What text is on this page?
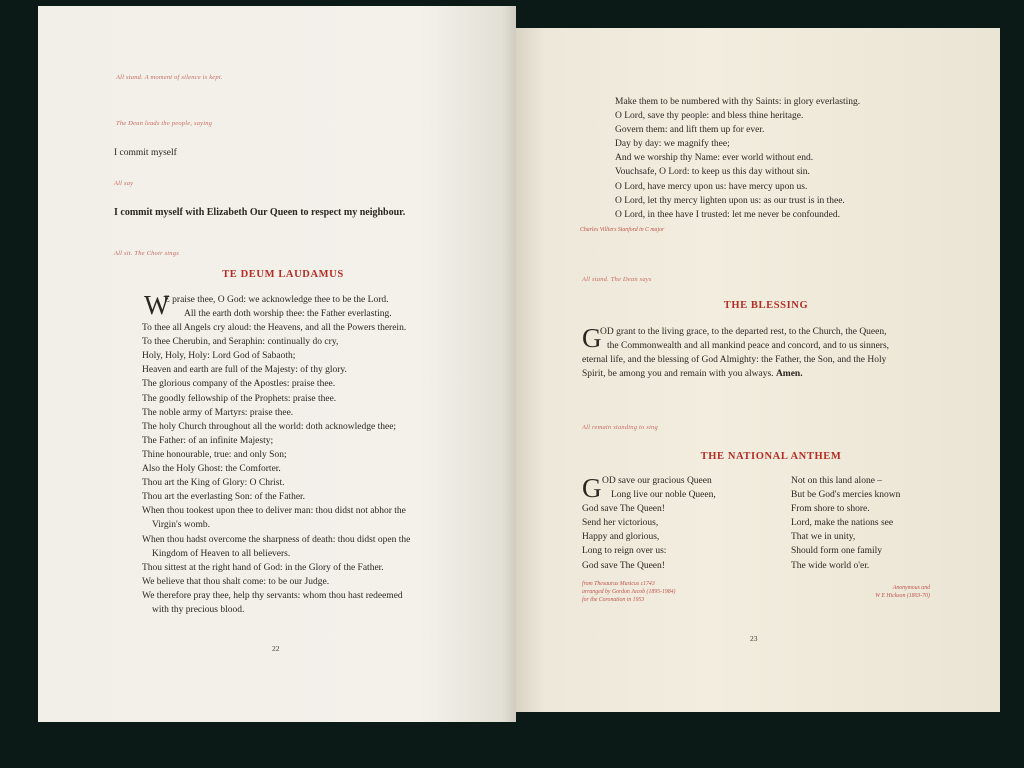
All stand. A moment of silence is kept.

The Dean leads the people, saying

I commit myself

All say

I commit myself with Elizabeth Our Queen to respect my neighbour.

All sit. The Choir sings

TE DEUM LAUDAMUS

W

E praise thee, O God: we acknowledge thee to be the Lord.

All the earth doth worship thee: the Father everlasting.
To thee all Angels cry aloud: the Heavens, and all the Powers therein.
To thee Cherubin, and Seraphin: continually do cry,
Holy, Holy, Holy: Lord God of Sabaoth;
Heaven and earth are full of the Majesty: of thy glory.
The glorious company of the Apostles: praise thee.
The goodly fellowship of the Prophets: praise thee.
The noble army of Martyrs: praise thee.
The holy Church throughout all the world: doth acknowledge thee;
The Father: of an infinite Majesty;
Thine honourable, true: and only Son;
Also the Holy Ghost: the Comforter.
Thou art the King of Glory: O Christ.
Thou art the everlasting Son: of the Father.
When thou tookest upon thee to deliver man: thou didst not abhor the
Virgin's womb.
When thou hadst overcome the sharpness of death: thou didst open the
Kingdom of Heaven to all believers.
Thou sittest at the right hand of God: in the Glory of the Father.
We believe that thou shalt come: to be our Judge.
We therefore pray thee, help thy servants: whom thou hast redeemed
with thy precious blood.

22

Make them to be numbered with thy Saints: in glory everlasting.
O Lord, save thy people: and bless thine heritage.
Govern them: and lift them up for ever.
Day by day: we magnify thee;
And we worship thy Name: ever world without end.
Vouchsafe, O Lord: to keep us this day without sin.
O Lord, have mercy upon us: have mercy upon us.
O Lord, let thy mercy lighten upon us: as our trust is in thee.
O Lord, in thee have I trusted: let me never be confounded.

Charles Villiers Stanford in C major

All stand. The Dean says

THE BLESSING

G
OD grant to the living grace, to the departed rest, to the Church, the Queen,
the Commonwealth and all mankind peace and concord, and to us sinners,
eternal life, and the blessing of God Almighty: the Father, the Son, and the Holy
Spirit, be among you and remain with you always. Amen.

All remain standing to sing

THE NATIONAL ANTHEM

G OD save our gracious Queen
Long live our noble Queen,
God save The Queen!
Send her victorious,
Happy and glorious,
Long to reign over us:
God save The Queen!
Not on this land alone –
But be God's mercies known
From shore to shore.
Lord, make the nations see
That we in unity,
Should form one family
The wide world o'er.
from Thesaurus Musicus c1743
arranged by Gordon Jacob (1895-1984)
for the Coronation in 1953
Anonymous and
W E Hickson (1803-70)

23
